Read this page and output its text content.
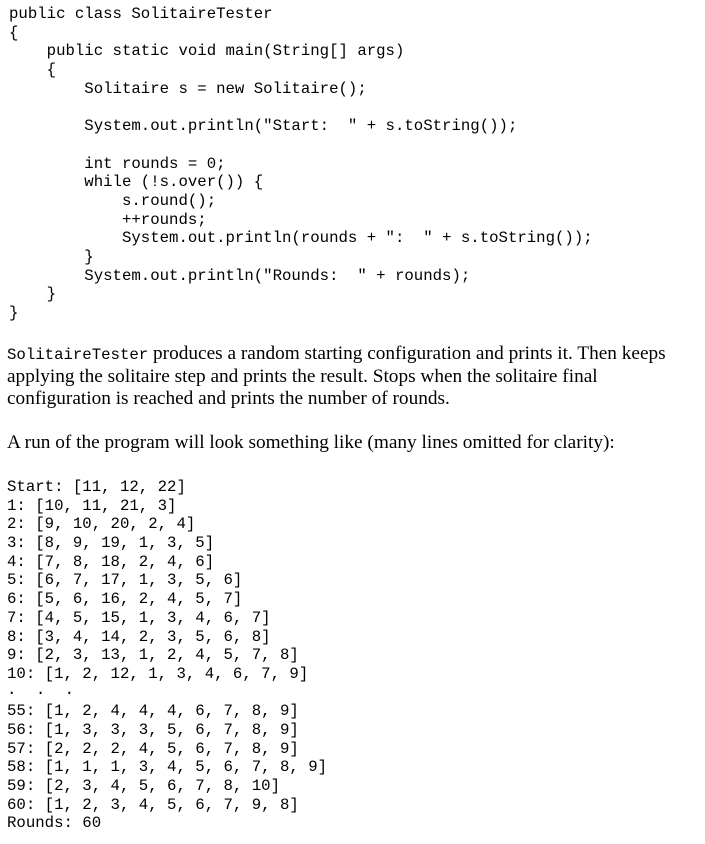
public class SolitaireTester
{
public static void main(String[] args)
{
Solitaire s = new Solitaire();
System.out.println("Start:  " + s.toString());
int rounds = 0;
while (!s.over()) {
s.round();
++rounds;
System.out.println(rounds + ":  " + s.toString());
}
System.out.println("Rounds:  " + rounds);
}
}

SolitaireTester produces a random starting configuration and prints it. Then keeps applying the solitaire step and prints the result. Stops when the solitaire final configuration is reached and prints the number of rounds.

A run of the program will look something like (many lines omitted for clarity):

Start: [11, 12, 22]
1: [10, 11, 21, 3]
2: [9, 10, 20, 2, 4]
3: [8, 9, 19, 1, 3, 5]
4: [7, 8, 18, 2, 4, 6]
5: [6, 7, 17, 1, 3, 5, 6]
6: [5, 6, 16, 2, 4, 5, 7]
7: [4, 5, 15, 1, 3, 4, 6, 7]
8: [3, 4, 14, 2, 3, 5, 6, 8]
9: [2, 3, 13, 1, 2, 4, 5, 7, 8]
10: [1, 2, 12, 1, 3, 4, 6, 7, 9]
. . .
55: [1, 2, 4, 4, 4, 6, 7, 8, 9]
56: [1, 3, 3, 3, 5, 6, 7, 8, 9]
57: [2, 2, 2, 4, 5, 6, 7, 8, 9]
58: [1, 1, 1, 3, 4, 5, 6, 7, 8, 9]
59: [2, 3, 4, 5, 6, 7, 8, 10]
60: [1, 2, 3, 4, 5, 6, 7, 9, 8]
Rounds: 60
